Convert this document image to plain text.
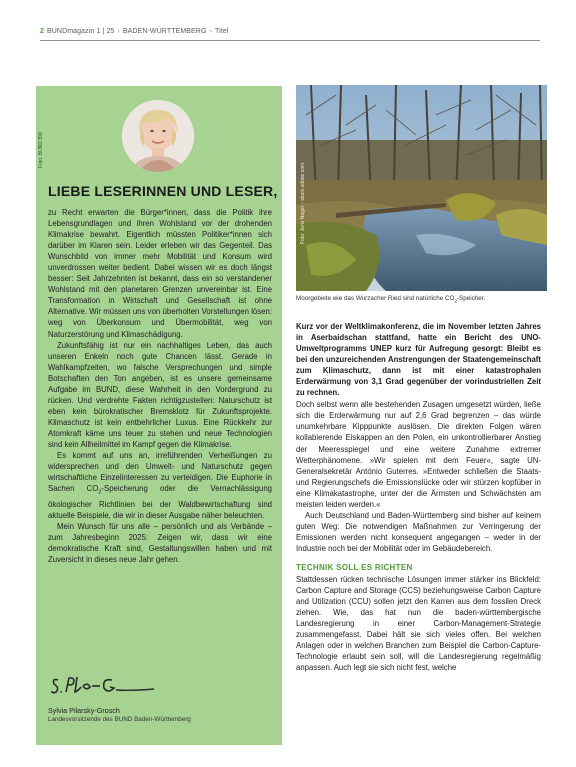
2 BUNDmagazin 1 | 25 › BADEN-WÜRTTEMBERG › Titel
Foto: BUND BW
LIEBE LESERINNEN UND LESER,

zu Recht erwarten die Bürger*innen, dass die Politik ihre Lebensgrundlagen und ihren Wohlstand vor der drohenden Klimakrise bewahrt. Eigentlich müssten Politiker*innen sich darüber im Klaren sein. Leider erleben wir das Gegenteil. Das Wunschbild von immer mehr Mobilität und Konsum wird unverdrossen weiter bedient. Dabei wissen wir es doch längst besser: Seit Jahrzehnten ist bekannt, dass ein so verstandener Wohlstand mit den planetaren Grenzen unvereinbar ist. Eine Transformation in Wirtschaft und Gesellschaft ist ohne Alternative. Wir müssen uns von überholten Vorstellungen lösen: weg von Überkonsum und Übermobilität, weg von Naturzerstörung und Klimaschädigung.

Zukunftsfähig ist nur ein nachhaltiges Leben, das auch unseren Enkeln noch gute Chancen lässt. Gerade in Wahlkampfzeiten, wo falsche Versprechungen und simple Botschaften den Ton angeben, ist es unsere gemeinsame Aufgabe im BUND, diese Wahrheit in den Vordergrund zu rücken. Und verdrehte Fakten richtigzustellen: Naturschutz ist eben kein bürokratischer Bremsklotz für Zukunftsprojekte. Klimaschutz ist kein entbehrlicher Luxus. Eine Rückkehr zur Atomkraft käme uns teuer zu stehen und neue Technologien sind kein Allheilmittel im Kampf gegen die Klimakrise.

Es kommt auf uns an, irreführenden Verheißungen zu widersprechen und den Umwelt- und Naturschutz gegen wirtschaftliche Einzelinteressen zu verteidigen. Die Euphorie in Sachen $CO_2$-Speicherung oder die Vernachlässigung ökologischer Richtlinien bei der Waldbewirtschaftung sind aktuelle Beispiele, die wir in dieser Ausgabe näher beleuchten.

Mein Wunsch für uns alle – persönlich und als Verbände – zum Jahresbeginn 2025: Zeigen wir, dass wir eine demokratische Kraft sind, Gestaltungswillen haben und mit Zuversicht in dieses neue Jahr gehen.

Sylvia Pilarsky-Grosch
Landesvorsitzende des BUND Baden-Württemberg
Foto: Jens Nagel – stock.adobe.com
Moorgebiete wie das Wurzacher Ried sind natürliche $CO_2$-Speicher.

Kurz vor der Weltklimakonferenz, die im November letzten Jahres in Aserbaidschan stattfand, hatte ein Bericht des UNO-Umweltprogramms UNEP kurz für Aufregung gesorgt: Bleibt es bei den unzureichenden Anstrengungen der Staatengemeinschaft zum Klimaschutz, dann ist mit einer katastrophalen Erderwärmung von 3,1 Grad gegenüber der vorindustriellen Zeit zu rechnen.

Doch selbst wenn alle bestehenden Zusagen umgesetzt würden, ließe sich die Erderwärmung nur auf 2,6 Grad begrenzen – das würde unumkehrbare Kipppunkte auslösen. Die direkten Folgen wären kollabierende Eiskappen an den Polen, ein unkontrollierbarer Anstieg der Meeresspiegel und eine weitere Zunahme extremer Wetterphänomene. »Wir spielen mit dem Feuer«, sagte UN-Generalsekretär António Guterres. »Entweder schließen die Staats- und Regierungschefs die Emissionslücke oder wir stürzen kopfüber in eine Klimakatastrophe, unter der die Ärmsten und Schwächsten am meisten leiden werden.«

Auch Deutschland und Baden-Württemberg sind bisher auf keinem guten Weg: Die notwendigen Maßnahmen zur Verringerung der Emissionen werden nicht konsequent angegangen – weder in der Industrie noch bei der Mobilität oder im Gebäudebereich.

TECHNIK SOLL ES RICHTEN

Stattdessen rücken technische Lösungen immer stärker ins Blickfeld: Carbon Capture and Storage (CCS) beziehungsweise Carbon Capture and Utilization (CCU) sollen jetzt den Karren aus dem fossilen Dreck ziehen. Wie, das hat nun die baden-württembergische Landesregierung in einer Carbon-Management-Strategie zusammengefasst. Dabei hält sie sich vieles offen. Bei welchen Anlagen oder in welchen Branchen zum Beispiel die Carbon-Capture-Technologie erlaubt sein soll, will die Landesregierung regelmäßig anpassen. Auch legt sie sich nicht fest, welche
